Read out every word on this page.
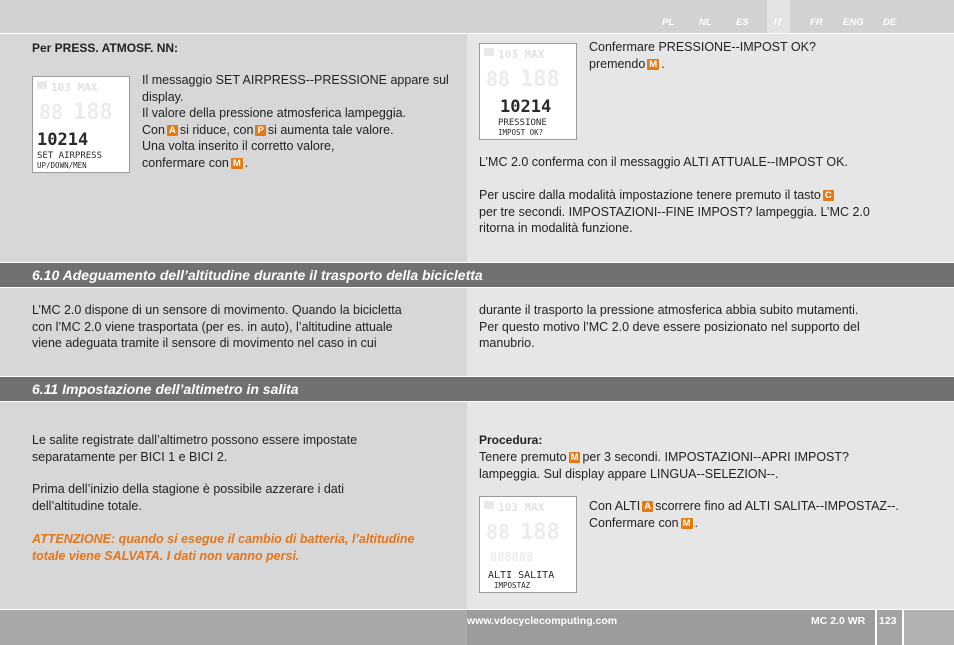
PL	NL	ES	IT	FR ENG DE
Per PRESS. ATMOSF. NN:
103 MAX
88 188
10214
SET AIRPRESS
UP/DOWN/MEN
Il messaggio SET AIRPRESS--PRESSIONE appare sul
display.
Il valore della pressione atmosferica lampeggia.
Con A si riduce, con P si aumenta tale valore.
Una volta inserito il corretto valore,
confermare con M .
103 MAX
88 188
10214
PRESSIONE
IMPOST OK?
Confermare PRESSIONE--IMPOST OK?
premendo M .
L’MC 2.0 conferma con il messaggio ALTI ATTUALE--IMPOST OK.
Per uscire dalla modalità impostazione tenere premuto il tasto C
per tre secondi. IMPOSTAZIONI--FINE IMPOST? lampeggia. L’MC 2.0
ritorna in modalità funzione.
6.10 Adeguamento dell’altitudine durante il trasporto della bicicletta
L’MC 2.0 dispone di un sensore di movimento. Quando la bicicletta
con l’MC 2.0 viene trasportata (per es. in auto), l’altitudine attuale
viene adeguata tramite il sensore di movimento nel caso in cui
durante il trasporto la pressione atmosferica abbia subito mutamenti.
Per questo motivo l’MC 2.0 deve essere posizionato nel supporto del
manubrio.
6.11 Impostazione dell’altimetro in salita
Le salite registrate dall’altimetro possono essere impostate
separatamente per BICI 1 e BICI 2.
Prima dell’inizio della stagione è possibile azzerare i dati
dell’altitudine totale.
ATTENZIONE: quando si esegue il cambio di batteria, l’altitudine
totale viene SALVATA. I dati non vanno persi.
Procedura:
Tenere premuto M per 3 secondi. IMPOSTAZIONI--APRI IMPOST?
lampeggia. Sul display appare LINGUA--SELEZION--.
103 MAX
88 188
888888
ALTI SALITA
IMPOSTAZ
Con ALTI A scorrere fino ad ALTI SALITA--IMPOSTAZ--.
Confermare con M .
www.vdocyclecomputing.com	MC 2.0 WR 123
